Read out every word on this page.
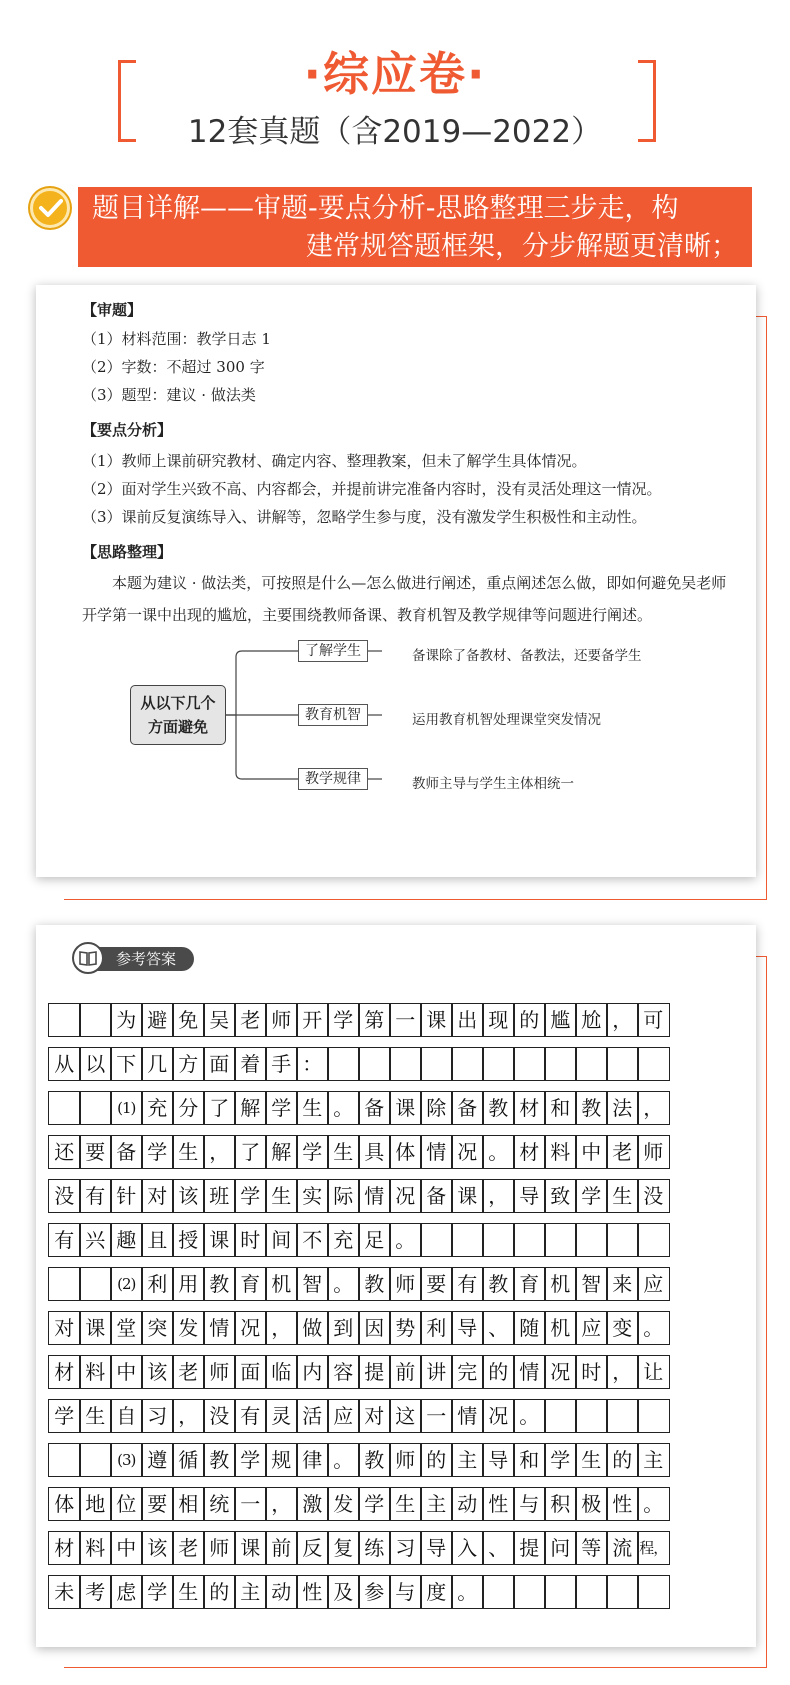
·综应卷·
12套真题（含2019—2022）
题目详解——审题-要点分析-思路整理三步走，构
建常规答题框架，分步解题更清晰；
【审题】
（1）材料范围：教学日志 1
（2）字数：不超过 300 字
（3）题型：建议 · 做法类
【要点分析】
（1）教师上课前研究教材、确定内容、整理教案，但未了解学生具体情况。
（2）面对学生兴致不高、内容都会，并提前讲完准备内容时，没有灵活处理这一情况。
（3）课前反复演练导入、讲解等，忽略学生参与度，没有激发学生积极性和主动性。
【思路整理】
本题为建议 · 做法类，可按照是什么—怎么做进行阐述，重点阐述怎么做，即如何避免吴老师开学第一课中出现的尴尬，主要围绕教师备课、教育机智及教学规律等问题进行阐述。
从以下几个
方面避免
了解学生	备课除了备教材、备教法，还要备学生
教育机智	运用教育机智处理课堂突发情况
教学规律	教师主导与学生主体相统一
参考答案
为 避 免 吴 老 师 开 学 第 一 课 出 现 的 尴 尬 ， 可
从 以 下 几 方 面 着 手 ：
(1) 充 分 了 解 学 生 。 备 课 除 备 教 材 和 教 法 ，
还 要 备 学 生 ， 了 解 学 生 具 体 情 况 。 材 料 中 老 师
没 有 针 对 该 班 学 生 实 际 情 况 备 课 ， 导 致 学 生 没
有 兴 趣 且 授 课 时 间 不 充 足 。
(2) 利 用 教 育 机 智 。 教 师 要 有 教 育 机 智 来 应
对 课 堂 突 发 情 况 ， 做 到 因 势 利 导 、 随 机 应 变 。
材 料 中 该 老 师 面 临 内 容 提 前 讲 完 的 情 况 时 ， 让
学 生 自 习 ， 没 有 灵 活 应 对 这 一 情 况 。
(3) 遵 循 教 学 规 律 。 教 师 的 主 导 和 学 生 的 主
体 地 位 要 相 统 一 ， 激 发 学 生 主 动 性 与 积 极 性 。
材 料 中 该 老 师 课 前 反 复 练 习 导 入 、 提 问 等 流 程，
未 考 虑 学 生 的 主 动 性 及 参 与 度 。
